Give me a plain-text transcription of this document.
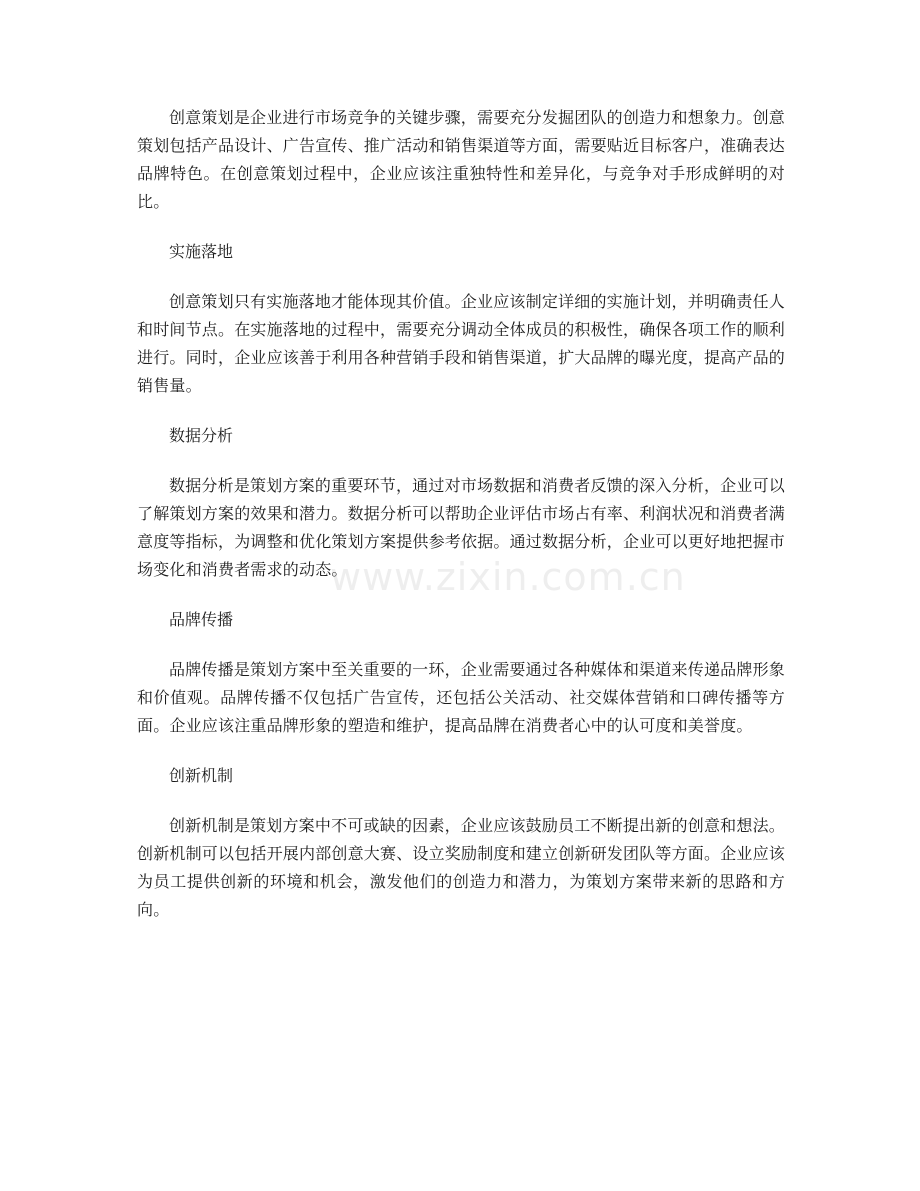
创意策划是企业进行市场竞争的关键步骤，需要充分发掘团队的创造力和想象力。创意策划包括产品设计、广告宣传、推广活动和销售渠道等方面，需要贴近目标客户，准确表达品牌特色。在创意策划过程中，企业应该注重独特性和差异化，与竞争对手形成鲜明的对比。

实施落地

创意策划只有实施落地才能体现其价值。企业应该制定详细的实施计划，并明确责任人和时间节点。在实施落地的过程中，需要充分调动全体成员的积极性，确保各项工作的顺利进行。同时，企业应该善于利用各种营销手段和销售渠道，扩大品牌的曝光度，提高产品的销售量。

数据分析

数据分析是策划方案的重要环节，通过对市场数据和消费者反馈的深入分析，企业可以了解策划方案的效果和潜力。数据分析可以帮助企业评估市场占有率、利润状况和消费者满意度等指标，为调整和优化策划方案提供参考依据。通过数据分析，企业可以更好地把握市场变化和消费者需求的动态。

品牌传播

品牌传播是策划方案中至关重要的一环，企业需要通过各种媒体和渠道来传递品牌形象和价值观。品牌传播不仅包括广告宣传，还包括公关活动、社交媒体营销和口碑传播等方面。企业应该注重品牌形象的塑造和维护，提高品牌在消费者心中的认可度和美誉度。

创新机制

创新机制是策划方案中不可或缺的因素，企业应该鼓励员工不断提出新的创意和想法。创新机制可以包括开展内部创意大赛、设立奖励制度和建立创新研发团队等方面。企业应该为员工提供创新的环境和机会，激发他们的创造力和潜力，为策划方案带来新的思路和方向。

www.zixin.com.cn
